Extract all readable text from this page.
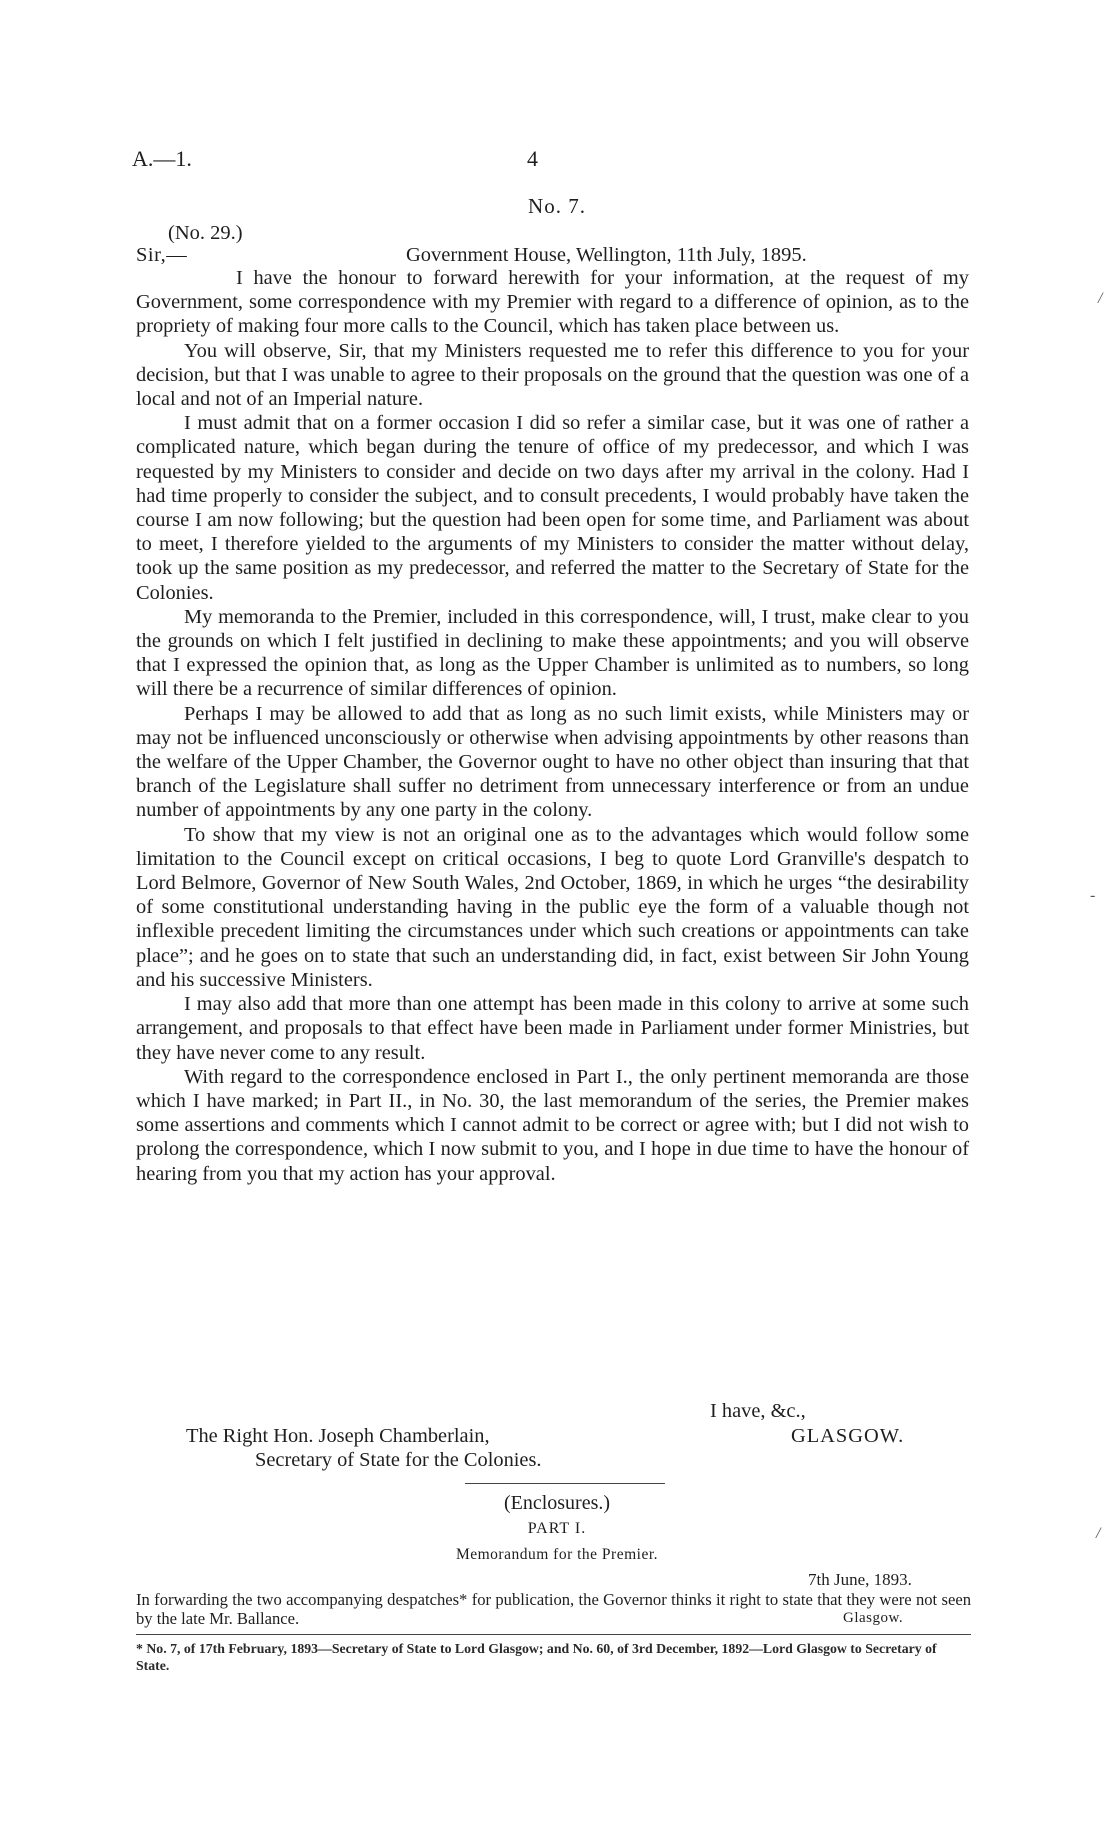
A.—1.	4
No. 7.
(No. 29.)
Sir,—	Government House, Wellington, 11th July, 1895.

I have the honour to forward herewith for your information, at the request of my Government, some correspondence with my Premier with regard to a difference of opinion, as to the propriety of making four more calls to the Council, which has taken place between us.

You will observe, Sir, that my Ministers requested me to refer this difference to you for your decision, but that I was unable to agree to their proposals on the ground that the question was one of a local and not of an Imperial nature.

I must admit that on a former occasion I did so refer a similar case, but it was one of rather a complicated nature, which began during the tenure of office of my predecessor, and which I was requested by my Ministers to consider and decide on two days after my arrival in the colony. Had I had time properly to consider the subject, and to consult precedents, I would probably have taken the course I am now following; but the question had been open for some time, and Parliament was about to meet, I therefore yielded to the arguments of my Ministers to consider the matter without delay, took up the same position as my predecessor, and referred the matter to the Secretary of State for the Colonies.

My memoranda to the Premier, included in this correspondence, will, I trust, make clear to you the grounds on which I felt justified in declining to make these appointments; and you will observe that I expressed the opinion that, as long as the Upper Chamber is unlimited as to numbers, so long will there be a recurrence of similar differences of opinion.

Perhaps I may be allowed to add that as long as no such limit exists, while Ministers may or may not be influenced unconsciously or otherwise when advising appointments by other reasons than the welfare of the Upper Chamber, the Governor ought to have no other object than insuring that that branch of the Legislature shall suffer no detriment from unnecessary interference or from an undue number of appointments by any one party in the colony.

To show that my view is not an original one as to the advantages which would follow some limitation to the Council except on critical occasions, I beg to quote Lord Granville's despatch to Lord Belmore, Governor of New South Wales, 2nd October, 1869, in which he urges “the desirability of some constitutional understanding having in the public eye the form of a valuable though not inflexible precedent limiting the circumstances under which such creations or appointments can take place”; and he goes on to state that such an understanding did, in fact, exist between Sir John Young and his successive Ministers.

I may also add that more than one attempt has been made in this colony to arrive at some such arrangement, and proposals to that effect have been made in Parliament under former Ministries, but they have never come to any result.

With regard to the correspondence enclosed in Part I., the only pertinent memoranda are those which I have marked; in Part II., in No. 30, the last memorandum of the series, the Premier makes some assertions and comments which I cannot admit to be correct or agree with; but I did not wish to prolong the correspondence, which I now submit to you, and I hope in due time to have the honour of hearing from you that my action has your approval.

I have, &c.,
The Right Hon. Joseph Chamberlain,
Secretary of State for the Colonies.
GLASGOW.
(Enclosures.)
PART I.
Memorandum for the Premier.
7th June, 1893.
In forwarding the two accompanying despatches* for publication, the Governor thinks it right to state that they were not seen by the late Mr. Ballance.	Glasgow.
* No. 7, of 17th February, 1893—Secretary of State to Lord Glasgow; and No. 60, of 3rd December, 1892—Lord Glasgow to Secretary of State.
/
-
/
